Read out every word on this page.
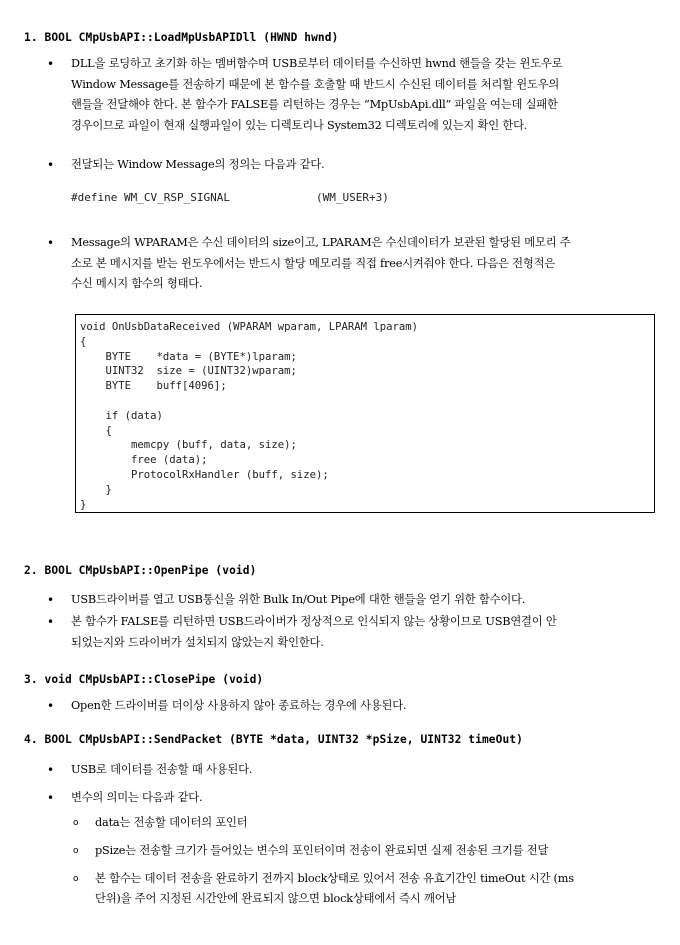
1. BOOL CMpUsbAPI::LoadMpUsbAPIDll (HWND hwnd)
• DLL을 로딩하고 초기화 하는 멤버함수며 USB로부터 데이터를 수신하면 hwnd 핸들을 갖는 윈도우로
Window Message를 전송하기 때문에 본 함수를 호출할 때 반드시 수신된 데이터를 처리할 윈도우의
핸들을 전달해야 한다. 본 함수가 FALSE를 리턴하는 경우는 “MpUsbApi.dll” 파일을 여는데 실패한
경우이므로 파일이 현재 실행파일이 있는 디렉토리나 System32 디렉토리에 있는지 확인 한다.
• 전달되는 Window Message의 정의는 다음과 같다.
#define WM_CV_RSP_SIGNAL             (WM_USER+3)
• Message의 WPARAM은 수신 데이터의 size이고, LPARAM은 수신데이터가 보관된 할당된 메모리 주
소로 본 메시지를 받는 윈도우에서는 반드시 할당 메모리를 직접 free시켜줘야 한다. 다음은 전형적은
수신 메시지 함수의 형태다.
void OnUsbDataReceived (WPARAM wparam, LPARAM lparam)
{
BYTE    *data = (BYTE*)lparam;
UINT32  size = (UINT32)wparam;
BYTE    buff[4096];

if (data)
{
memcpy (buff, data, size);
free (data);
ProtocolRxHandler (buff, size);
}
}
2. BOOL CMpUsbAPI::OpenPipe (void)
• USB드라이버를 열고 USB통신을 위한 Bulk In/Out Pipe에 대한 핸들을 얻기 위한 함수이다.
• 본 함수가 FALSE를 리턴하면 USB드라이버가 정상적으로 인식되지 않는 상황이므로 USB연결이 안
되었는지와 드라이버가 설치되지 않았는지 확인한다.
3. void CMpUsbAPI::ClosePipe (void)
• Open한 드라이버를 더이상 사용하지 않아 종료하는 경우에 사용된다.
4. BOOL CMpUsbAPI::SendPacket (BYTE *data, UINT32 *pSize, UINT32 timeOut)
• USB로 데이터를 전송할 때 사용된다.
• 변수의 의미는 다음과 같다.
o data는 전송할 데이터의 포인터
o pSize는 전송할 크기가 들어있는 변수의 포인터이며 전송이 완료되면 실제 전송된 크기를 전달
o 본 함수는 데이터 전송을 완료하기 전까지 block상태로 있어서 전송 유효기간인 timeOut 시간 (ms
단위)을 주어 지정된 시간안에 완료되지 않으면 block상태에서 즉시 깨어남
